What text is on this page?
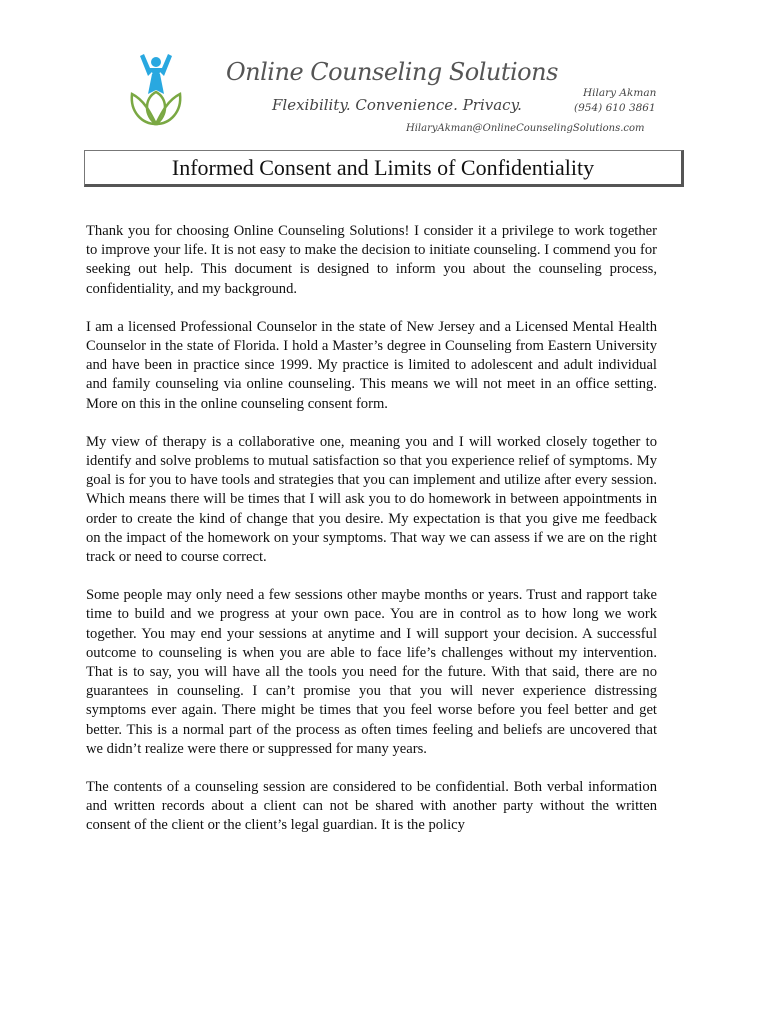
Online Counseling Solutions
Flexibility. Convenience. Privacy.
Hilary Akman
(954) 610 3861
HilaryAkman@OnlineCounselingSolutions.com
Informed Consent and Limits of Confidentiality

Thank you for choosing Online Counseling Solutions! I consider it a privilege to work together to improve your life. It is not easy to make the decision to initiate counseling. I commend you for seeking out help. This document is designed to inform you about the counseling process, confidentiality, and my background.

I am a licensed Professional Counselor in the state of New Jersey and a Licensed Mental Health Counselor in the state of Florida. I hold a Master’s degree in Counseling from Eastern University and have been in practice since 1999. My practice is limited to adolescent and adult individual and family counseling via online counseling. This means we will not meet in an office setting. More on this in the online counseling consent form.

My view of therapy is a collaborative one, meaning you and I will worked closely together to identify and solve problems to mutual satisfaction so that you experience relief of symptoms. My goal is for you to have tools and strategies that you can implement and utilize after every session. Which means there will be times that I will ask you to do homework in between appointments in order to create the kind of change that you desire. My expectation is that you give me feedback on the impact of the homework on your symptoms. That way we can assess if we are on the right track or need to course correct.

Some people may only need a few sessions other maybe months or years. Trust and rapport take time to build and we progress at your own pace. You are in control as to how long we work together. You may end your sessions at anytime and I will support your decision. A successful outcome to counseling is when you are able to face life’s challenges without my intervention. That is to say, you will have all the tools you need for the future. With that said, there are no guarantees in counseling. I can’t promise you that you will never experience distressing symptoms ever again. There might be times that you feel worse before you feel better and get better. This is a normal part of the process as often times feeling and beliefs are uncovered that we didn’t realize were there or suppressed for many years.

The contents of a counseling session are considered to be confidential. Both verbal information and written records about a client can not be shared with another party without the written consent of the client or the client’s legal guardian. It is the policy
